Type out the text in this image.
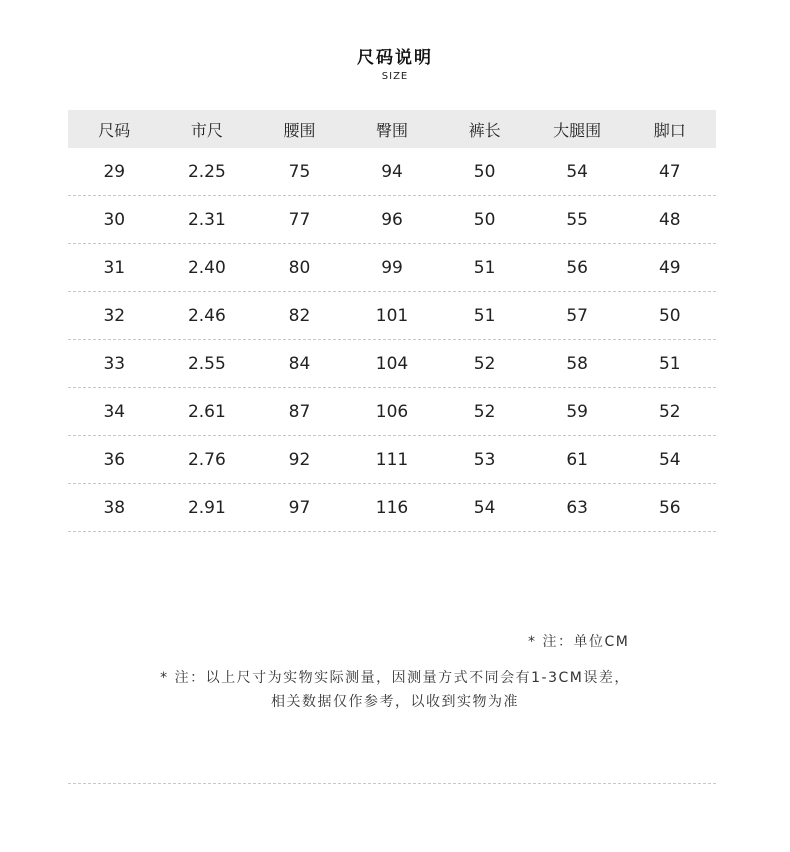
尺码说明
SIZE
尺码	市尺	腰围	臀围	裤长	大腿围	脚口
29	2.25	75	94	50	54	47
30	2.31	77	96	50	55	48
31	2.40	80	99	51	56	49
32	2.46	82	101	51	57	50
33	2.55	84	104	52	58	51
34	2.61	87	106	52	59	52
36	2.76	92	111	53	61	54
38	2.91	97	116	54	63	56
* 注：单位CM

* 注：以上尺寸为实物实际测量，因测量方式不同会有1-3CM误差，

相关数据仅作参考，以收到实物为准
